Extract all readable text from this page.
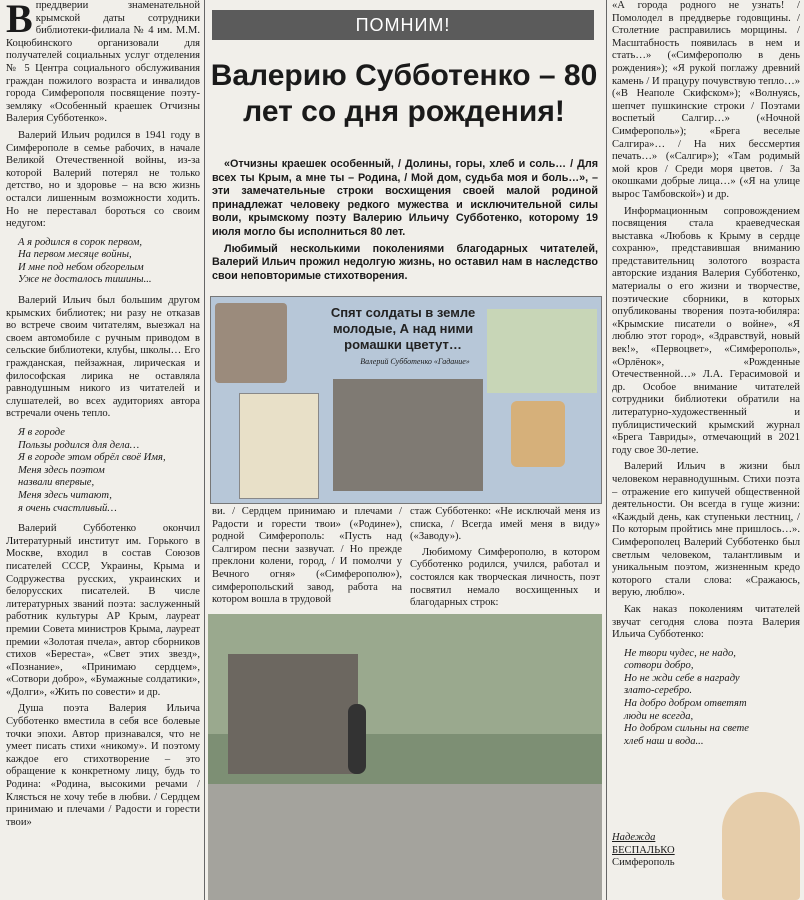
Впреддверии знаменательной крымской даты сотрудники библиотеки-филиала № 4 им. М.М. Коцюбинского организовали для получателей социальных услуг отделения № 5 Центра социального обслуживания граждан пожилого возраста и инвалидов города Симферополя посвящение поэту-земляку «Особенный краешек Отчизны Валерия Субботенко».

Валерий Ильич родился в 1941 году в Симферополе в семье рабочих, в начале Великой Отечественной войны, из-за которой Валерий потерял не только детство, но и здоровье – на всю жизнь осталси лишенным возможности ходить. Но не переставал бороться со своим недугом:

А я родился в сорок первом,
На первом месяце войны,
И мне под небом обгорелым
Уже не досталось тишины...

Валерий Ильич был большим другом крымских библиотек; ни разу не отказав во встрече своим читателям, выезжал на своем автомобиле с ручным приводом в сельские библиотеки, клубы, школы… Его гражданская, пейзажная, лирическая и философская лирика не оставляла равнодушным никого из читателей и слушателей, во всех аудиториях автора встречали очень тепло.

Я в городе
Пользы родился для дела…
Я в городе этом обрёл своё Имя,
Меня здесь поэтом
назвали впервые,
Меня здесь читают,
я очень счастливый…

Валерий Субботенко окончил Литературный институт им. Горького в Москве, входил в состав Союзов писателей СССР, Украины, Крыма и Содружества русских, украинских и белорусских писателей. В числе литературных званий поэта: заслуженный работник культуры АР Крым, лауреат премии Совета министров Крыма, лауреат премии «Золотая пчела», автор сборников стихов «Береста», «Свет этих звезд», «Познание», «Принимаю сердцем», «Сотвори добро», «Бумажные солдатики», «Долги», «Жить по совести» и др.

Душа поэта Валерия Ильича Субботенко вместила в себя все болевые точки эпохи. Автор признавался, что не умеет писать стихи «никому». И поэтому каждое его стихотворение – это обращение к конкретному лицу, будь то Родина: «Родина, высокими речами / Клясться не хочу тебе в любви. / Сердцем принимаю и плечами / Радости и горести твои»

ПОМНИМ!
Валерию Субботенко – 80 лет со дня рождения!

«Отчизны краешек особенный, / Долины, горы, хлеб и соль… / Для всех ты Крым, а мне ты – Родина, / Мой дом, судьба моя и боль…», – эти замечательные строки восхищения своей малой родиной принадлежат человеку редкого мужества и исключительной силы воли, крымскому поэту Валерию Ильичу Субботенко, которому 19 июля могло бы исполниться 80 лет.

Любимый несколькими поколениями благодарных читателей, Валерий Ильич прожил недолгую жизнь, но оставил нам в наследство свои неповторимые стихотворения.

Спят солдаты в земле молодые, А над ними ромашки цветут…
Валерий Субботенко «Гадание»

ви. / Сердцем принимаю и плечами / Радости и горести твои» («Родине»), родной Симферополь: «Пусть над Салгиром песни зазвучат. / Но прежде преклони колени, город, / И помолчи у Вечного огня» («Симферополю»), симферопольский завод, работа на котором вошла в трудовой

стаж Субботенко: «Не исключай меня из списка, / Всегда имей меня в виду» («Заводу»).

Любимому Симферополю, в котором Субботенко родился, учился, работал и состоялся как творческая личность, поэт посвятил немало восхищенных и благодарных строк:

«А города родного не узнать! / Помолодел в преддверье годовщины. / Столетние расправились морщины. / Масштабность появилась в нем и стать…» («Симферополю в день рождения»); «Я рукой поглажу древний камень / И працуру почувствую тепло…» («В Неаполе Скифском»); «Волнуясь, шепчет пушкинские строки / Поэтами воспетый Салгир…» («Ночной Симферополь»); «Брега веселые Салгира»… / На них бессмертия печать…» («Салгир»); «Там родимый мой кров / Среди моря цветов. / За окошками добрые лица…» («Я на улице вырос Тамбовской») и др.

Информационным сопровождением посвящения стала краеведческая выставка «Любовь к Крыму в сердце сохраню», представившая вниманию представительниц золотого возраста авторские издания Валерия Субботенко, материалы о его жизни и творчестве, поэтические сборники, в которых опубликованы творения поэта-юбиляра: «Крымские писатели о войне», «Я люблю этот город», «Здравствуй, новый век!», «Первоцвет», «Симферополь», «Орлёнок», «Рожденные Отечественной…» Л.А. Герасимовой и др. Особое внимание читателей сотрудники библиотеки обратили на литературно-художественный и публицистический крымский журнал «Брега Тавриды», отмечающий в 2021 году свое 30-летие.

Валерий Ильич в жизни был человеком неравнодушным. Стихи поэта – отражение его кипучей общественной деятельности. Он всегда в гуще жизни: «Каждый день, как ступеньки лестниц, / По которым пройтись мне пришлось…». Симферополец Валерий Субботенко был светлым человеком, талантливым и уникальным поэтом, жизненным кредо которого стали слова: «Сражаюсь, верую, люблю».

Как наказ поколениям читателей звучат сегодня слова поэта Валерия Ильича Субботенко:

Не твори чудес, не надо,
сотвори добро,
Но не жди себе в награду
злато-серебро.
На добро добром ответят
люди не всегда,
Но добром сильны на свете
хлеб наш и вода...
Надежда
БЕСПАЛЬКО
Симферополь
